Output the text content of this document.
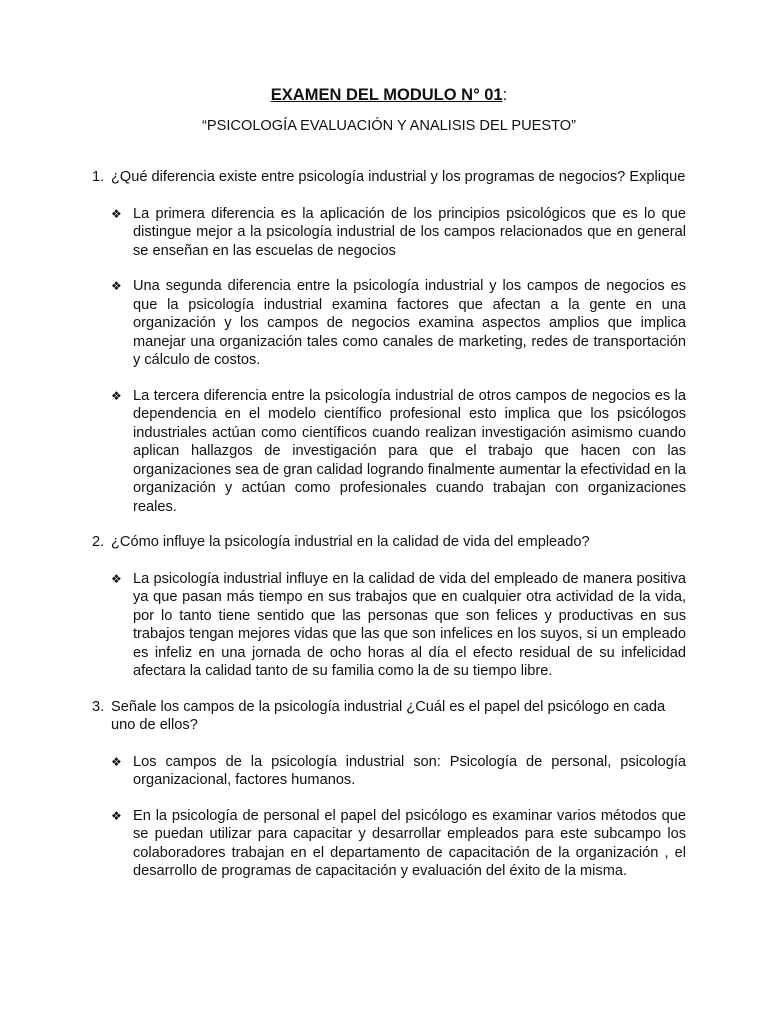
EXAMEN DEL MODULO N° 01:

“PSICOLOGÍA EVALUACIÓN Y ANALISIS DEL PUESTO”

1. ¿Qué diferencia existe entre psicología industrial y los programas de negocios? Explique
❖ La primera diferencia es la aplicación de los principios psicológicos que es lo que distingue mejor a la psicología industrial de los campos relacionados que en general se enseñan en las escuelas de negocios
❖ Una segunda diferencia entre la psicología industrial y los campos de negocios es que la psicología industrial examina factores que afectan a la gente en una organización y los campos de negocios examina aspectos amplios que implica manejar una organización tales como canales de marketing, redes de transportación y cálculo de costos.
❖ La tercera diferencia entre la psicología industrial de otros campos de negocios es la dependencia en el modelo científico profesional esto implica que los psicólogos industriales actúan como científicos cuando realizan investigación asimismo cuando aplican hallazgos de investigación para que el trabajo que hacen con las organizaciones sea de gran calidad logrando finalmente aumentar la efectividad en la organización y actúan como profesionales cuando trabajan con organizaciones reales.
2. ¿Cómo influye la psicología industrial en la calidad de vida del empleado?
❖ La psicología industrial influye en la calidad de vida del empleado de manera positiva ya que pasan más tiempo en sus trabajos que en cualquier otra actividad de la vida, por lo tanto tiene sentido que las personas que son felices y productivas en sus trabajos tengan mejores vidas que las que son infelices en los suyos, si un empleado es infeliz en una jornada de ocho horas al día el efecto residual de su infelicidad afectara la calidad tanto de su familia como la de su tiempo libre.
3. Señale los campos de la psicología industrial ¿Cuál es el papel del psicólogo en cada uno de ellos?
❖ Los campos de la psicología industrial son: Psicología de personal, psicología organizacional, factores humanos.
❖ En la psicología de personal el papel del psicólogo es examinar varios métodos que se puedan utilizar para capacitar y desarrollar empleados para este subcampo los colaboradores trabajan en el departamento de capacitación de la organización , el desarrollo de programas de capacitación y evaluación del éxito de la misma.
